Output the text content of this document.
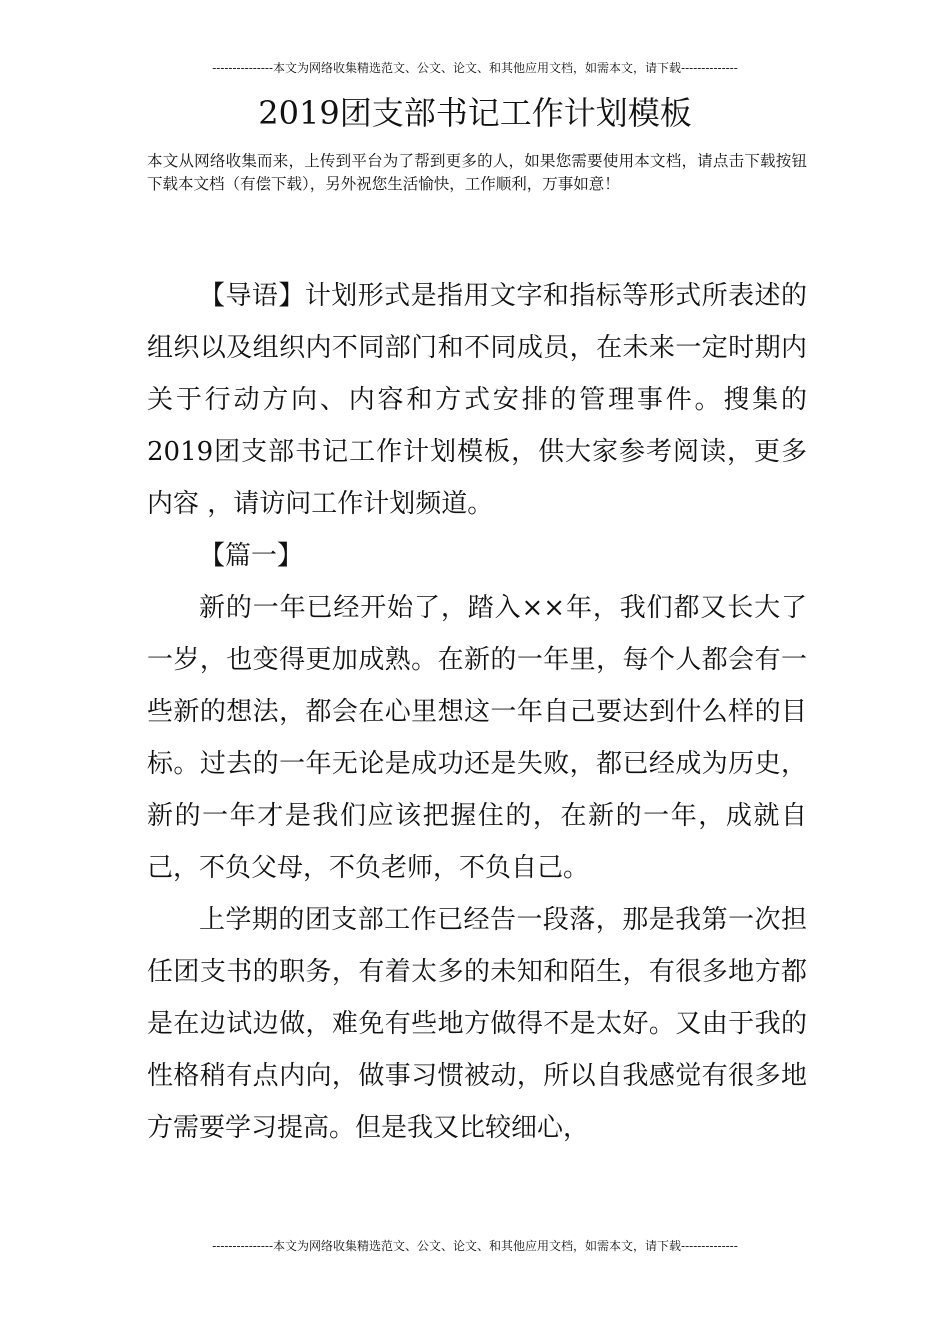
---------------本文为网络收集精选范文、公文、论文、和其他应用文档，如需本文，请下载--------------
2019团支部书记工作计划模板

本文从网络收集而来，上传到平台为了帮到更多的人，如果您需要使用本文档，请点击下载按钮下载本文档（有偿下载），另外祝您生活愉快，工作顺利，万事如意！

【导语】计划形式是指用文字和指标等形式所表述的组织以及组织内不同部门和不同成员，在未来一定时期内关于行动方向、内容和方式安排的管理事件。搜集的2019团支部书记工作计划模板，供大家参考阅读，更多内容 ，请访问工作计划频道。

【篇一】

新的一年已经开始了，踏入××年，我们都又长大了一岁，也变得更加成熟。在新的一年里，每个人都会有一些新的想法，都会在心里想这一年自己要达到什么样的目标。过去的一年无论是成功还是失败，都已经成为历史，新的一年才是我们应该把握住的，在新的一年，成就自己，不负父母，不负老师，不负自己。

上学期的团支部工作已经告一段落，那是我第一次担任团支书的职务，有着太多的未知和陌生，有很多地方都是在边试边做，难免有些地方做得不是太好。又由于我的性格稍有点内向，做事习惯被动，所以自我感觉有很多地方需要学习提高。但是我又比较细心，

---------------本文为网络收集精选范文、公文、论文、和其他应用文档，如需本文，请下载--------------
